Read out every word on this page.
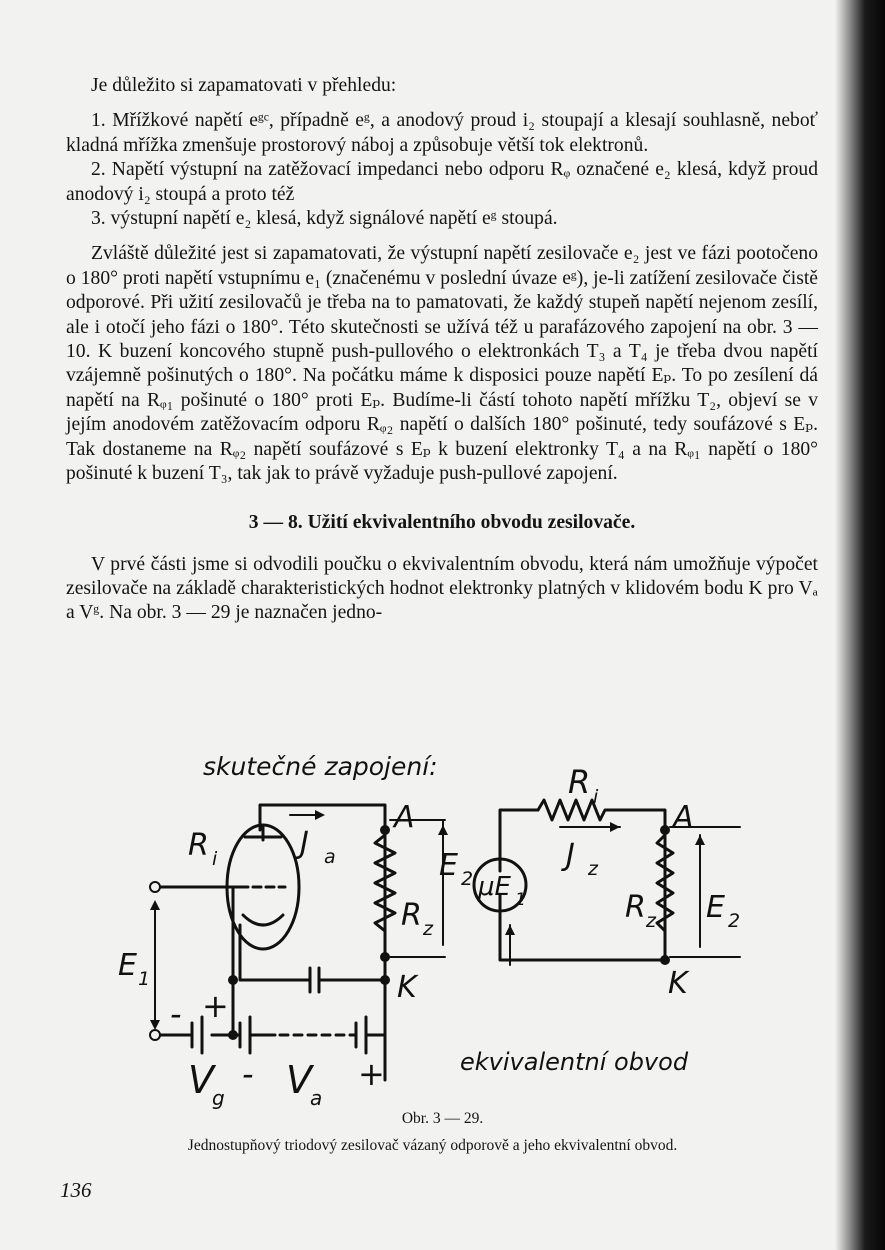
Je důležito si zapamatovati v přehledu:

1. Mřížkové napětí eᵍᶜ, případně eᵍ, a anodový proud i₂ stoupají a klesají souhlasně, neboť kladná mřížka zmenšuje prostorový náboj a způsobuje větší tok elektronů.

2. Napětí výstupní na zatěžovací impedanci nebo odporu Rᵩ označené e₂ klesá, když proud anodový i₂ stoupá a proto též

3. výstupní napětí e₂ klesá, když signálové napětí eᵍ stoupá.

Zvláště důležité jest si zapamatovati, že výstupní napětí zesilovače e₂ jest ve fázi pootočeno o 180° proti napětí vstupnímu e₁ (značenému v poslední úvaze eᵍ), je-li zatížení zesilovače čistě odporové. Při užití zesilovačů je třeba na to pamatovati, že každý stupeň napětí nejenom zesílí, ale i otočí jeho fázi o 180°. Této skutečnosti se užívá též u parafázového zapojení na obr. 3 — 10. K buzení koncového stupně push-pullového o elektronkách T₃ a T₄ je třeba dvou napětí vzájemně pošinutých o 180°. Na počátku máme k disposici pouze napětí Eₚ. To po zesílení dá napětí na Rᵩ₁ pošinuté o 180° proti Eₚ. Budíme-li částí tohoto napětí mřížku T₂, objeví se v jejím anodovém zatěžovacím odporu Rᵩ₂ napětí o dalších 180° pošinuté, tedy soufázové s Eₚ. Tak dostaneme na Rᵩ₂ napětí soufázové s Eₚ k buzení elektronky T₄ a na Rᵩ₁ napětí o 180° pošinuté k buzení T₃, tak jak to právě vyžaduje push-pullové zapojení.

3 — 8. Užití ekvivalentního obvodu zesilovače.

V prvé části jsme si odvodili poučku o ekvivalentním obvodu, která nám umožňuje výpočet zesilovače na základě charakteristických hodnot elektronky platných v klidovém bodu K pro Vₐ a Vᵍ. Na obr. 3 — 29 je naznačen jedno-

skutečné zapojení:
R i	J a
A
K
E 2
R z
E 1
- +
-	+
V
g V
a
R i
A
J z
μE 1	R z E 2
K
ekvivalentní obvod
Obr. 3 — 29.
Jednostupňový triodový zesilovač vázaný odporově a jeho ekvivalentní obvod.
136
